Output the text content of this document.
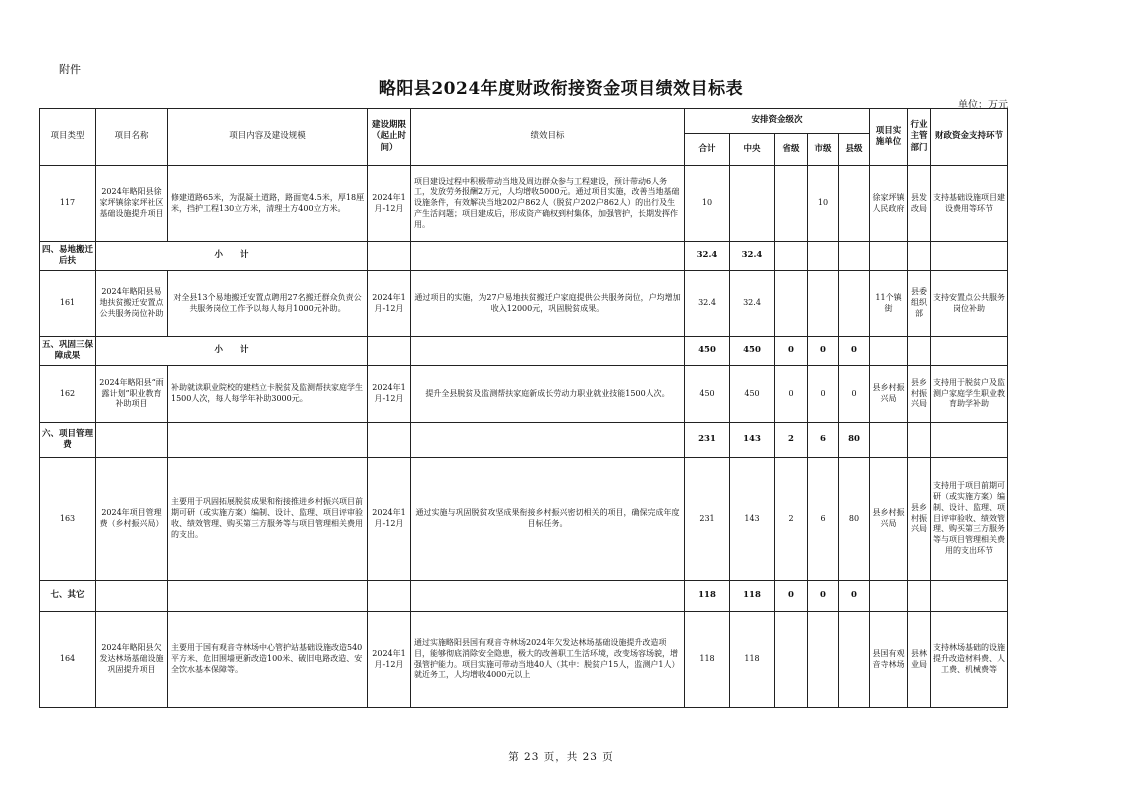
附件
略阳县2024年度财政衔接资金项目绩效目标表
单位：万元
项目类型	项目名称	项目内容及建设规模	建设期限（起止时间）	绩效目标	安排资金级次					项目实施单位	行业主管部门	财政资金支持环节
					合计	中央	省级	市级	县级			
117	2024年略阳县徐家坪镇徐家坪社区基础设施提升项目	修建道路65米，为混凝土道路，路面宽4.5米，厚18厘米，挡护工程130立方米，清理土方400立方米。	2024年1月-12月	项目建设过程中积极带动当地及周边群众参与工程建设，预计带动6人务工，发放劳务报酬2万元，人均增收5000元。通过项目实施，改善当地基础设施条件，有效解决当地202户862人（脱贫户202户862人）的出行及生产生活问题；项目建成后，形成资产确权到村集体，加强管护，长期发挥作用。	10			10		徐家坪镇人民政府	县发改局	支持基础设施项目建设费用等环节
四、易地搬迁后扶	小　　计				32.4	32.4						
161	2024年略阳县易地扶贫搬迁安置点公共服务岗位补助	对全县13个易地搬迁安置点聘用27名搬迁群众负责公共服务岗位工作予以每人每月1000元补助。	2024年1月-12月	通过项目的实施，为27户易地扶贫搬迁户家庭提供公共服务岗位，户均增加收入12000元，巩固脱贫成果。	32.4	32.4				11个镇街	县委组织部	支持安置点公共服务岗位补助
五、巩固三保障成果	小　　计				450	450	0	0	0			
162	2024年略阳县“雨露计划”职业教育补助项目	补助就读职业院校的建档立卡脱贫及监测帮扶家庭学生1500人次，每人每学年补助3000元。	2024年1月-12月	提升全县脱贫及监测帮扶家庭新成长劳动力职业就业技能1500人次。	450	450	0	0	0	县乡村振兴局	县乡村振兴局	支持用于脱贫户及监测户家庭学生职业教育助学补助
六、项目管理费					231	143	2	6	80			
163	2024年项目管理费（乡村振兴局）	主要用于巩固拓展脱贫成果和衔接推进乡村振兴项目前期可研（或实施方案）编制、设计、监理、项目评审验收、绩效管理、购买第三方服务等与项目管理相关费用的支出。	2024年1月-12月	通过实施与巩固脱贫攻坚成果衔接乡村振兴密切相关的项目，确保完成年度目标任务。	231	143	2	6	80	县乡村振兴局	县乡村振兴局	支持用于项目前期可研（或实施方案）编制、设计、监理、项目评审验收、绩效管理、购买第三方服务等与项目管理相关费用的支出环节
七、其它					118	118	0	0	0			
164	2024年略阳县欠发达林场基础设施巩固提升项目	主要用于国有观音寺林场中心管护站基础设施改造540平方米、危旧围墙更新改造100米、破旧电路改造、安全饮水基本保障等。	2024年1月-12月	通过实施略阳县国有观音寺林场2024年欠发达林场基础设施提升改造项目，能够彻底消除安全隐患，极大的改善职工生活环境，改变场容场貌，增强管护能力。项目实施可带动当地40人（其中：脱贫户15人，监测户1人）就近务工，人均增收4000元以上	118	118				县国有观音寺林场	县林业局	支持林场基础的设施提升改造材料费、人工费、机械费等
第 23 页，共 23 页
